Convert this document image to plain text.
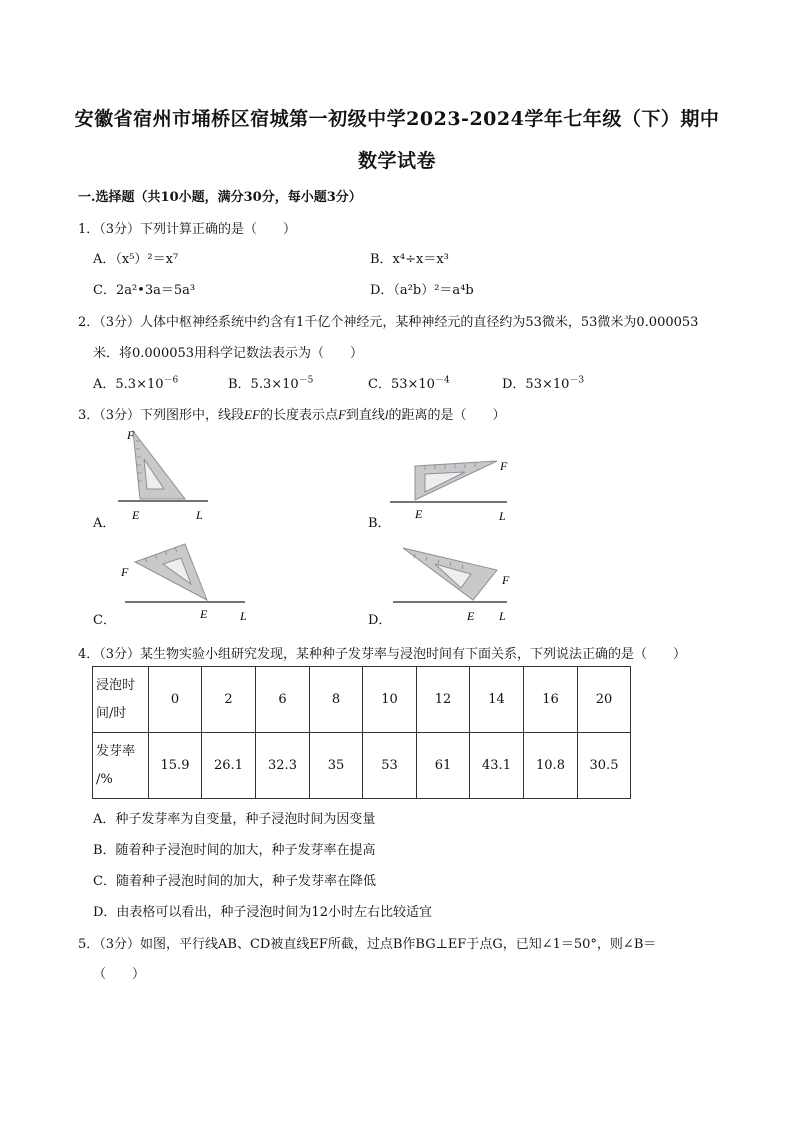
安徽省宿州市埇桥区宿城第一初级中学2023-2024学年七年级（下）期中
数学试卷
一.选择题（共10小题，满分30分，每小题3分）
1．（3分）下列计算正确的是（　　）
A．（x⁵）²＝x⁷	B．x⁴÷x＝x³
C．2a²•3a＝5a³	D．（a²b）²＝a⁴b
2．（3分）人体中枢神经系统中约含有1千亿个神经元，某种神经元的直径约为53微米，53微米为0.000053
米．将0.000053用科学记数法表示为（　　）
A．$5.3\times 10^{-6}$	B．$5.3\times 10^{-5}$	C．$53\times 10^{-4}$	D．$53\times 10^{-3}$
3．（3分）下列图形中，线段EF的长度表示点F到直线l的距离的是（　　）
F
E	L
A．
F
E	L
B．
F
E	L
C．
F
E L
D．
4．（3分）某生物实验小组研究发现，某种种子发芽率与浸泡时间有下面关系，下列说法正确的是（　　）
浸泡时
间/时	0	2	6	8	10	12	14	16	20
发芽率
/%	15.9	26.1	32.3	35	53	61	43.1	10.8	30.5
A．种子发芽率为自变量，种子浸泡时间为因变量
B．随着种子浸泡时间的加大，种子发芽率在提高
C．随着种子浸泡时间的加大，种子发芽率在降低
D．由表格可以看出，种子浸泡时间为12小时左右比较适宜
5．（3分）如图，平行线AB、CD被直线EF所截，过点B作BG⊥EF于点G，已知∠1＝50°，则∠B＝
（　　）
